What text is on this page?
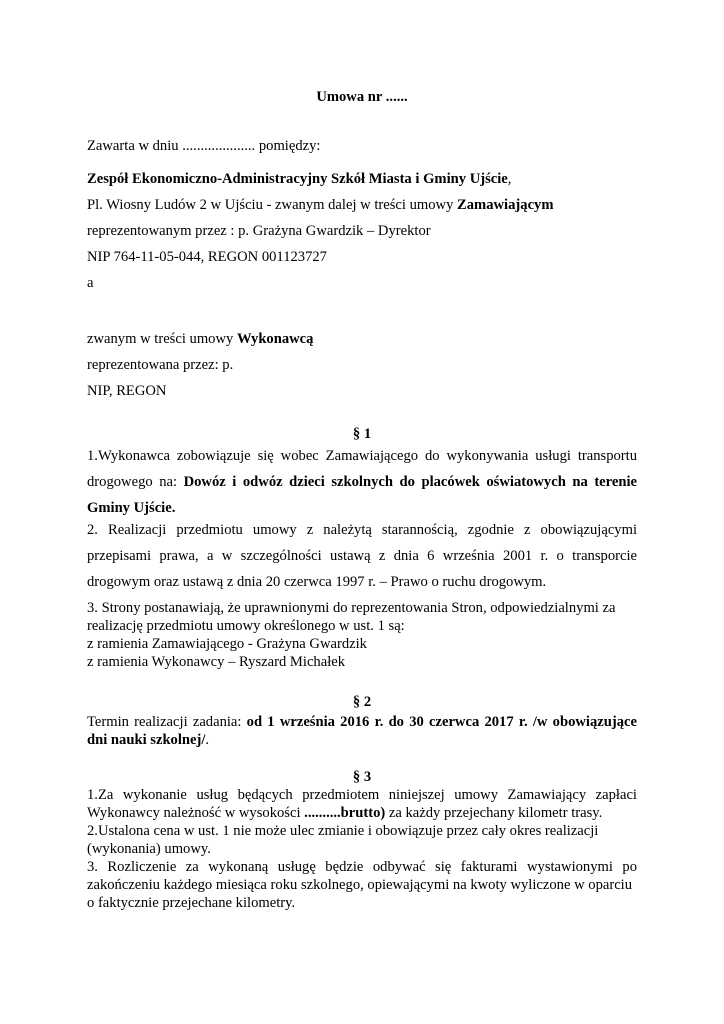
Umowa nr ......
Zawarta w dniu .................... pomiędzy:
Zespół Ekonomiczno-Administracyjny Szkół Miasta i Gminy Ujście,
Pl. Wiosny Ludów 2 w Ujściu - zwanym dalej w treści umowy Zamawiającym
reprezentowanym przez : p. Grażyna Gwardzik – Dyrektor
NIP 764-11-05-044, REGON 001123727
a
zwanym w treści umowy Wykonawcą
reprezentowana przez: p.
NIP, REGON
§ 1
1.Wykonawca zobowiązuje się wobec Zamawiającego do wykonywania usługi transportu
drogowego na: Dowóz i odwóz dzieci szkolnych do placówek oświatowych na terenie
Gminy Ujście.
2. Realizacji przedmiotu umowy z należytą starannością, zgodnie z obowiązującymi
przepisami prawa, a w szczególności ustawą z dnia 6 września 2001 r. o transporcie
drogowym oraz ustawą z dnia 20 czerwca 1997 r. – Prawo o ruchu drogowym.
3. Strony postanawiają, że uprawnionymi do reprezentowania Stron, odpowiedzialnymi za
realizację przedmiotu umowy określonego w ust. 1 są:
z ramienia Zamawiającego - Grażyna Gwardzik
z ramienia Wykonawcy – Ryszard Michałek
§ 2
Termin realizacji zadania: od 1 września 2016 r. do 30 czerwca 2017 r. /w obowiązujące
dni nauki szkolnej/.
§ 3
1.Za wykonanie usług będących przedmiotem niniejszej umowy Zamawiający zapłaci
Wykonawcy należność w wysokości ..........brutto) za każdy przejechany kilometr trasy.
2.Ustalona cena w ust. 1 nie może ulec zmianie i obowiązuje przez cały okres realizacji
(wykonania) umowy.
3. Rozliczenie za wykonaną usługę będzie odbywać się fakturami wystawionymi po
zakończeniu każdego miesiąca roku szkolnego, opiewającymi na kwoty wyliczone w oparciu
o faktycznie przejechane kilometry.
